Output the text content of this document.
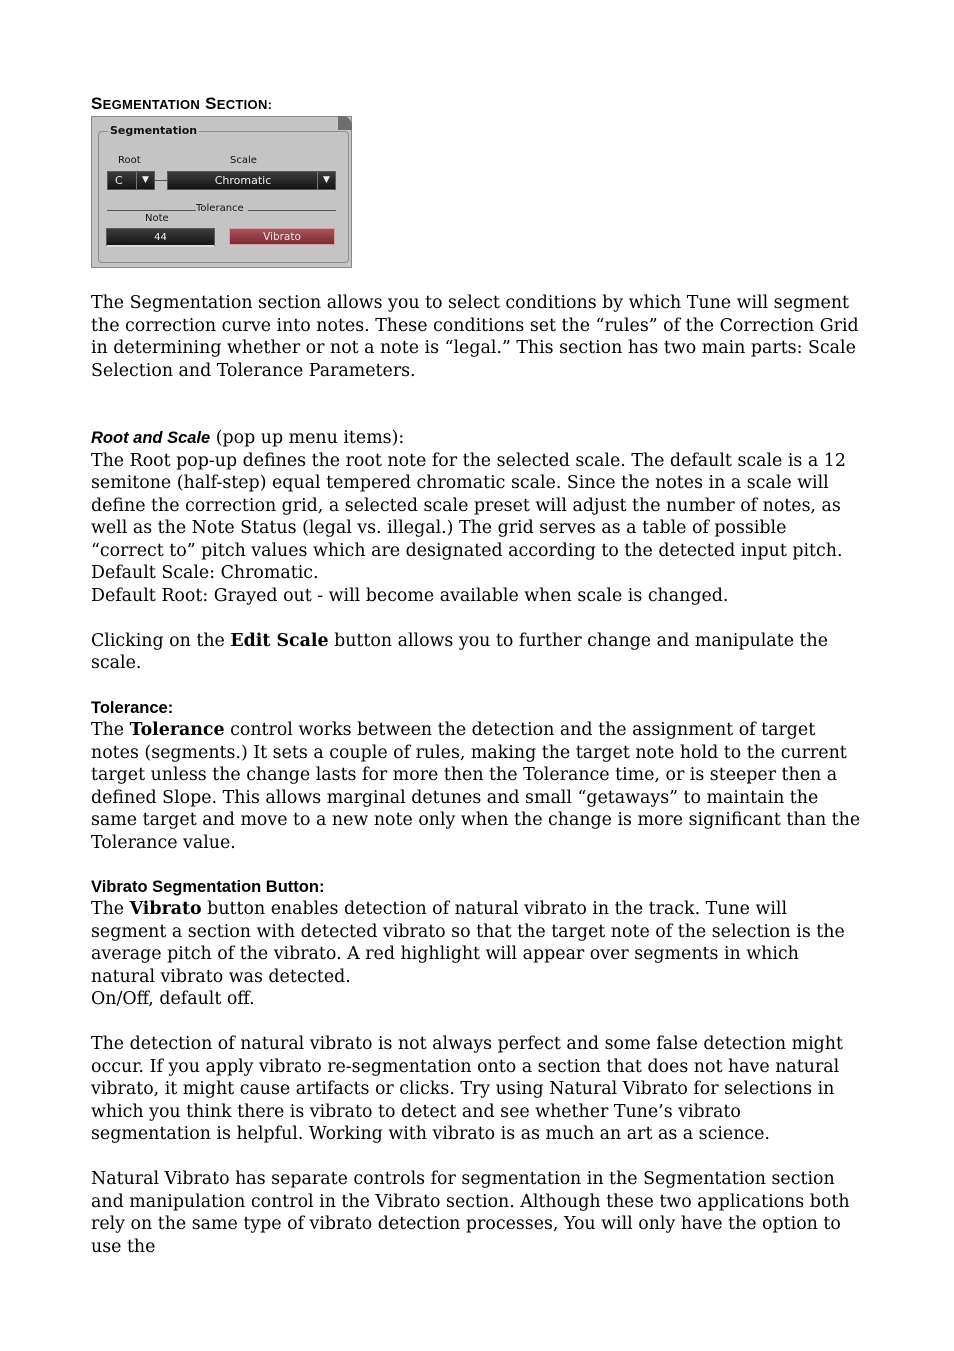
SEGMENTATION SECTION:
Segmentation
Root	Scale
C	▼	Chromatic	▼
Tolerance
Note
44	Vibrato

The Segmentation section allows you to select conditions by which Tune will segment the correction curve into notes. These conditions set the “rules” of the Correction Grid in determining whether or not a note is “legal.” This section has two main parts: Scale Selection and Tolerance Parameters.

Root and Scale (pop up menu items):

The Root pop-up defines the root note for the selected scale. The default scale is a 12 semitone (half-step) equal tempered chromatic scale. Since the notes in a scale will define the correction grid, a selected scale preset will adjust the number of notes, as well as the Note Status (legal vs. illegal.) The grid serves as a table of possible “correct to” pitch values which are designated according to the detected input pitch.

Default Scale: Chromatic.

Default Root: Grayed out - will become available when scale is changed.

Clicking on the Edit Scale button allows you to further change and manipulate the scale.

Tolerance:

The Tolerance control works between the detection and the assignment of target notes (segments.) It sets a couple of rules, making the target note hold to the current target unless the change lasts for more then the Tolerance time, or is steeper then a defined Slope. This allows marginal detunes and small “getaways” to maintain the same target and move to a new note only when the change is more significant than the Tolerance value.

Vibrato Segmentation Button:

The Vibrato button enables detection of natural vibrato in the track. Tune will segment a section with detected vibrato so that the target note of the selection is the average pitch of the vibrato. A red highlight will appear over segments in which natural vibrato was detected.

On/Off, default off.

The detection of natural vibrato is not always perfect and some false detection might occur. If you apply vibrato re-segmentation onto a section that does not have natural vibrato, it might cause artifacts or clicks. Try using Natural Vibrato for selections in which you think there is vibrato to detect and see whether Tune’s vibrato segmentation is helpful. Working with vibrato is as much an art as a science.

Natural Vibrato has separate controls for segmentation in the Segmentation section and manipulation control in the Vibrato section. Although these two applications both rely on the same type of vibrato detection processes, You will only have the option to use the
